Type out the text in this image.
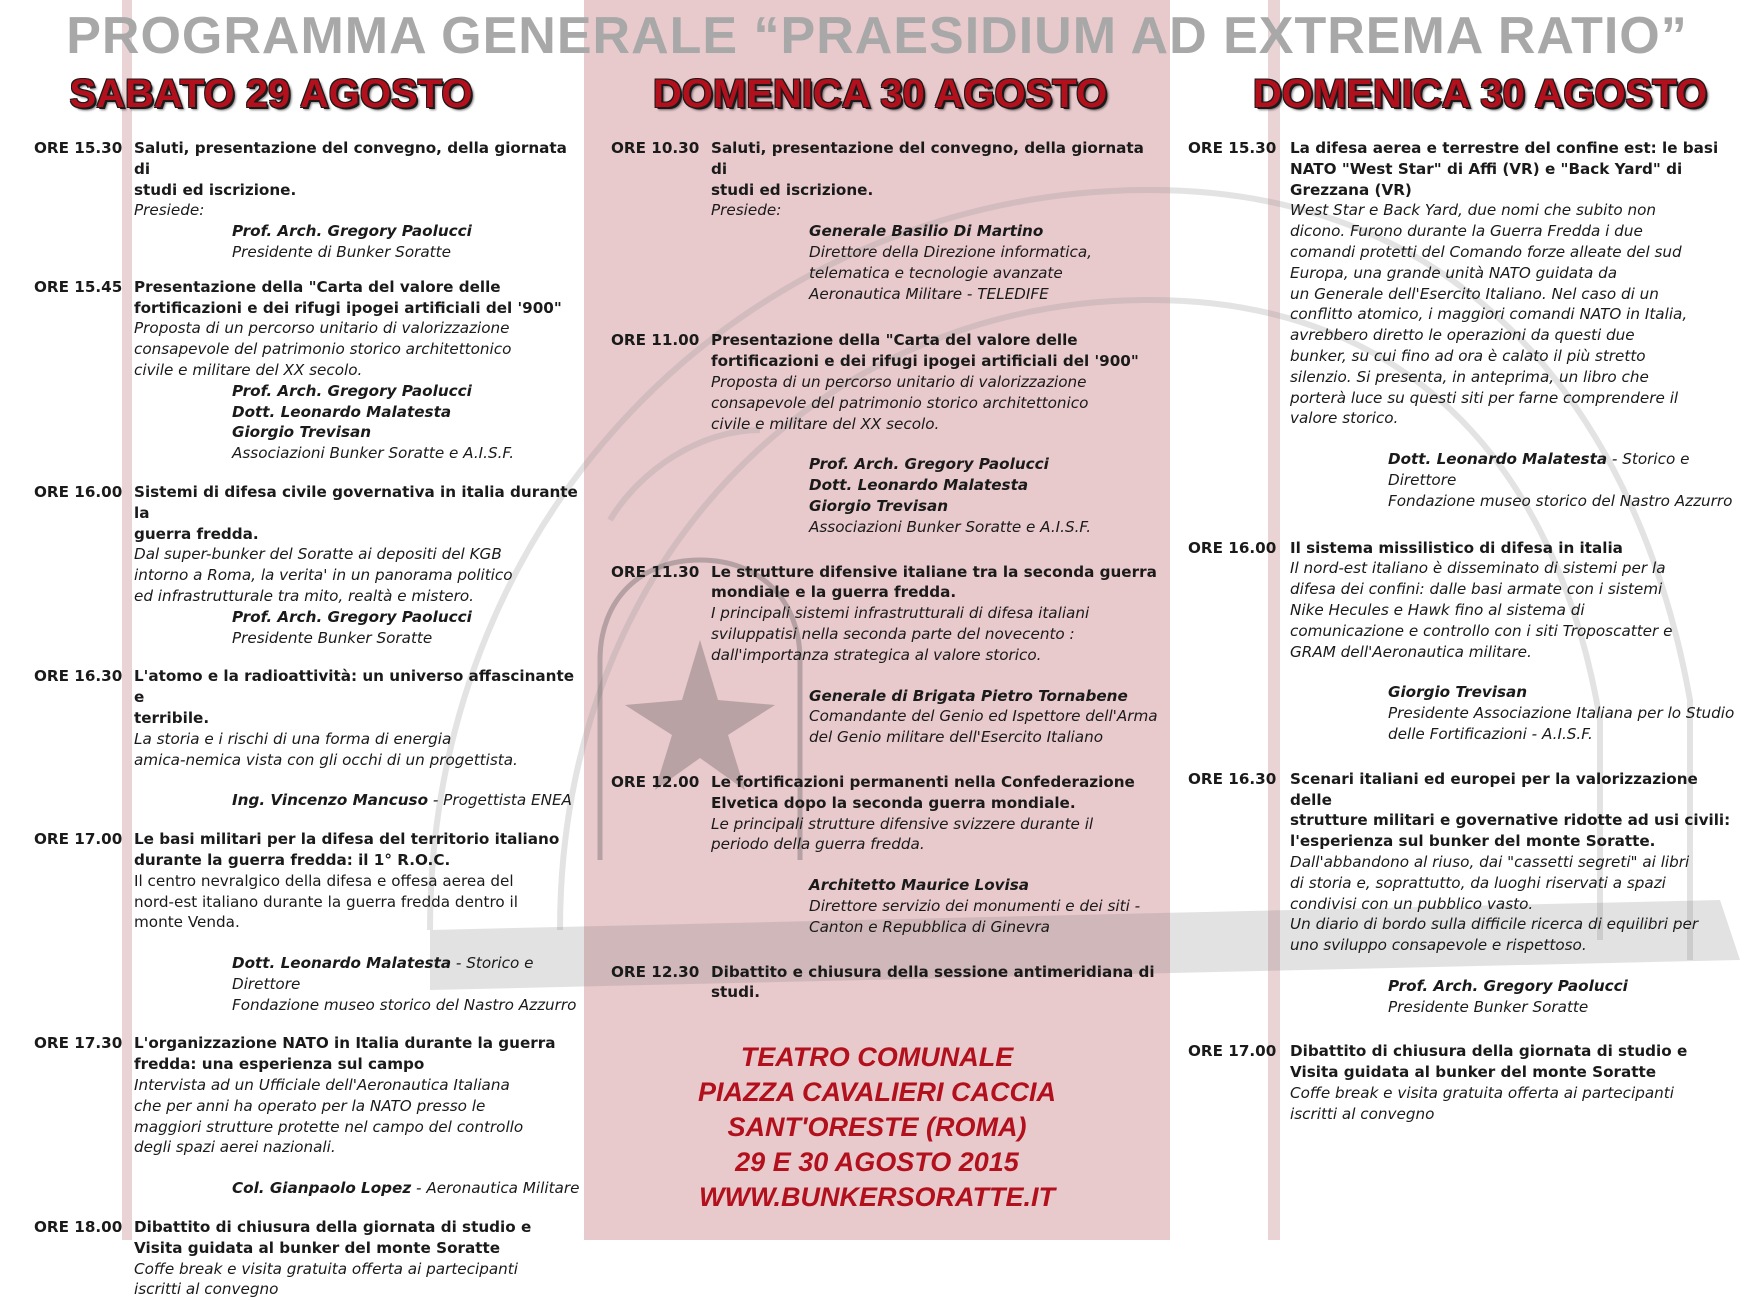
PROGRAMMA GENERALE “PRAESIDIUM AD EXTREMA RATIO”
SABATO 29 AGOSTO	DOMENICA 30 AGOSTO	DOMENICA 30 AGOSTO
ORE 15.30 Saluti, presentazione del convegno, della giornata di
studi ed iscrizione.
Presiede:
Prof. Arch. Gregory Paolucci
Presidente di Bunker Soratte
ORE 15.45 Presentazione della "Carta del valore delle
fortificazioni e dei rifugi ipogei artificiali del '900"
Proposta di un percorso unitario di valorizzazione
consapevole del patrimonio storico architettonico
civile e militare del XX secolo.
Prof. Arch. Gregory Paolucci
Dott. Leonardo Malatesta
Giorgio Trevisan
Associazioni Bunker Soratte e A.I.S.F.
ORE 16.00 Sistemi di difesa civile governativa in italia durante la
guerra fredda.
Dal super-bunker del Soratte ai depositi del KGB
intorno a Roma, la verita' in un panorama politico
ed infrastrutturale tra mito, realtà e mistero.
Prof. Arch. Gregory Paolucci
Presidente Bunker Soratte
ORE 16.30 L'atomo e la radioattività: un universo affascinante e
terribile.
La storia e i rischi di una forma di energia
amica-nemica vista con gli occhi di un progettista.
Ing. Vincenzo Mancuso - Progettista ENEA
ORE 17.00 Le basi militari per la difesa del territorio italiano
durante la guerra fredda: il 1° R.O.C.
Il centro nevralgico della difesa e offesa aerea del
nord-est italiano durante la guerra fredda dentro il
monte Venda.
Dott. Leonardo Malatesta - Storico e Direttore
Fondazione museo storico del Nastro Azzurro
ORE 17.30 L'organizzazione NATO in Italia durante la guerra
fredda: una esperienza sul campo
Intervista ad un Ufficiale dell'Aeronautica Italiana
che per anni ha operato per la NATO presso le
maggiori strutture protette nel campo del controllo
degli spazi aerei nazionali.
Col. Gianpaolo Lopez - Aeronautica Militare
ORE 18.00 Dibattito di chiusura della giornata di studio e
Visita guidata al bunker del monte Soratte
Coffe break e visita gratuita offerta ai partecipanti
iscritti al convegno
ORE 10.30 Saluti, presentazione del convegno, della giornata di
studi ed iscrizione.
Presiede:
Generale Basilio Di Martino
Direttore della Direzione informatica,
telematica e tecnologie avanzate
Aeronautica Militare - TELEDIFE
ORE 11.00 Presentazione della "Carta del valore delle
fortificazioni e dei rifugi ipogei artificiali del '900"
Proposta di un percorso unitario di valorizzazione
consapevole del patrimonio storico architettonico
civile e militare del XX secolo.
Prof. Arch. Gregory Paolucci
Dott. Leonardo Malatesta
Giorgio Trevisan
Associazioni Bunker Soratte e A.I.S.F.
ORE 11.30 Le strutture difensive italiane tra la seconda guerra
mondiale e la guerra fredda.
I principali sistemi infrastrutturali di difesa italiani
sviluppatisi nella seconda parte del novecento :
dall'importanza strategica al valore storico.
Generale di Brigata Pietro Tornabene
Comandante del Genio ed Ispettore dell'Arma
del Genio militare dell'Esercito Italiano
ORE 12.00 Le fortificazioni permanenti nella Confederazione
Elvetica dopo la seconda guerra mondiale.
Le principali strutture difensive svizzere durante il
periodo della guerra fredda.
Architetto Maurice Lovisa
Direttore servizio dei monumenti e dei siti -
Canton e Repubblica di Ginevra
ORE 12.30 Dibattito e chiusura della sessione antimeridiana di
studi.
ORE 15.30 La difesa aerea e terrestre del confine est: le basi
NATO "West Star" di Affi (VR) e "Back Yard" di
Grezzana (VR)
West Star e Back Yard, due nomi che subito non
dicono. Furono durante la Guerra Fredda i due
comandi protetti del Comando forze alleate del sud
Europa, una grande unità NATO guidata da
un Generale dell'Esercito Italiano. Nel caso di un
conflitto atomico, i maggiori comandi NATO in Italia,
avrebbero diretto le operazioni da questi due
bunker, su cui fino ad ora è calato il più stretto
silenzio. Si presenta, in anteprima, un libro che
porterà luce su questi siti per farne comprendere il
valore storico.
Dott. Leonardo Malatesta - Storico e Direttore
Fondazione museo storico del Nastro Azzurro
ORE 16.00 Il sistema missilistico di difesa in italia
Il nord-est italiano è disseminato di sistemi per la
difesa dei confini: dalle basi armate con i sistemi
Nike Hecules e Hawk fino al sistema di
comunicazione e controllo con i siti Troposcatter e
GRAM dell'Aeronautica militare.
Giorgio Trevisan
Presidente Associazione Italiana per lo Studio
delle Fortificazioni - A.I.S.F.
ORE 16.30 Scenari italiani ed europei per la valorizzazione delle
strutture militari e governative ridotte ad usi civili:
l'esperienza sul bunker del monte Soratte.
Dall'abbandono al riuso, dai "cassetti segreti" ai libri
di storia e, soprattutto, da luoghi riservati a spazi
condivisi con un pubblico vasto.
Un diario di bordo sulla difficile ricerca di equilibri per
uno sviluppo consapevole e rispettoso.
Prof. Arch. Gregory Paolucci
Presidente Bunker Soratte
ORE 17.00 Dibattito di chiusura della giornata di studio e
Visita guidata al bunker del monte Soratte
Coffe break e visita gratuita offerta ai partecipanti
iscritti al convegno
TEATRO COMUNALE
PIAZZA CAVALIERI CACCIA
SANT'ORESTE (ROMA)
29 E 30 AGOSTO 2015
WWW.BUNKERSORATTE.IT
